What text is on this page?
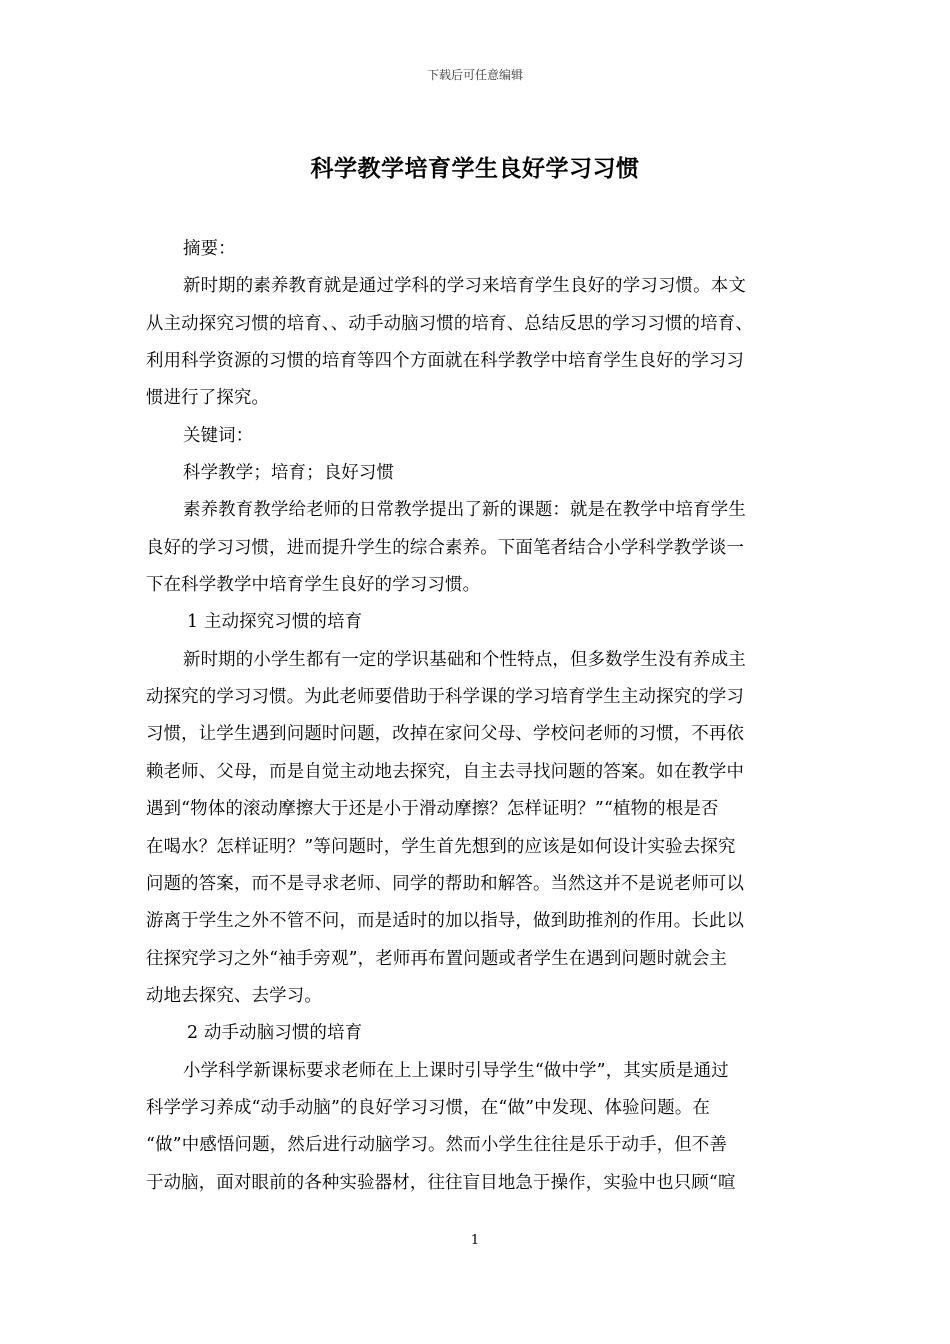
下载后可任意编辑
科学教学培育学生良好学习习惯
摘要：
新时期的素养教育就是通过学科的学习来培育学生良好的学习习惯。本文
从主动探究习惯的培育、、动手动脑习惯的培育、总结反思的学习习惯的培育、
利用科学资源的习惯的培育等四个方面就在科学教学中培育学生良好的学习习
惯进行了探究。
关键词：
科学教学；培育；良好习惯
素养教育教学给老师的日常教学提出了新的课题：就是在教学中培育学生
良好的学习习惯，进而提升学生的综合素养。下面笔者结合小学科学教学谈一
下在科学教学中培育学生良好的学习习惯。
1 主动探究习惯的培育
新时期的小学生都有一定的学识基础和个性特点，但多数学生没有养成主
动探究的学习习惯。为此老师要借助于科学课的学习培育学生主动探究的学习
习惯，让学生遇到问题时问题，改掉在家问父母、学校问老师的习惯，不再依
赖老师、父母，而是自觉主动地去探究，自主去寻找问题的答案。如在教学中
遇到“物体的滚动摩擦大于还是小于滑动摩擦？怎样证明？”“植物的根是否
在喝水？怎样证明？”等问题时，学生首先想到的应该是如何设计实验去探究
问题的答案，而不是寻求老师、同学的帮助和解答。当然这并不是说老师可以
游离于学生之外不管不问，而是适时的加以指导，做到助推剂的作用。长此以
往探究学习之外“袖手旁观”，老师再布置问题或者学生在遇到问题时就会主
动地去探究、去学习。
2 动手动脑习惯的培育
小学科学新课标要求老师在上上课时引导学生“做中学”，其实质是通过
科学学习养成“动手动脑”的良好学习习惯，在“做”中发现、体验问题。在
“做”中感悟问题，然后进行动脑学习。然而小学生往往是乐于动手，但不善
于动脑，面对眼前的各种实验器材，往往盲目地急于操作，实验中也只顾“喧
1
